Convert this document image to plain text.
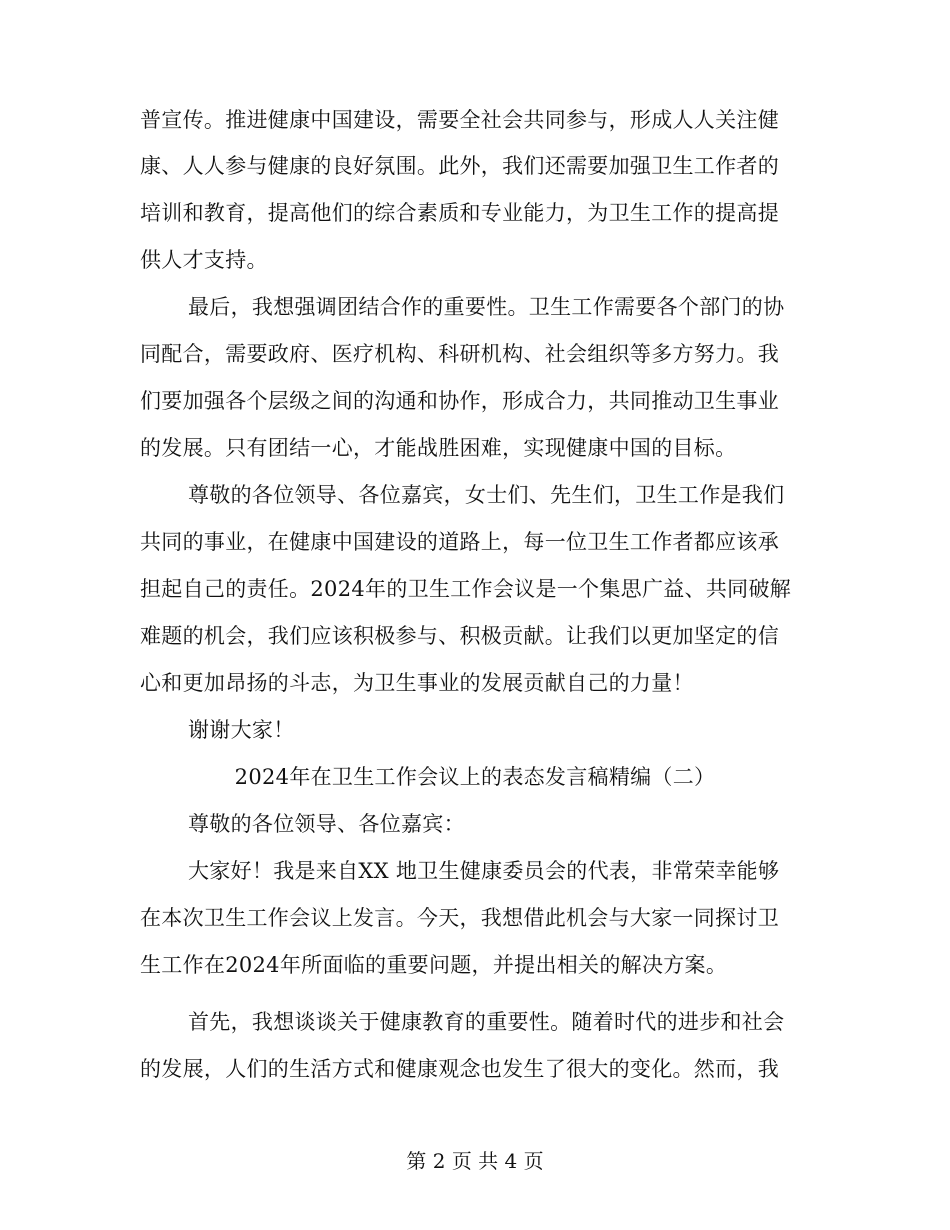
普宣传。推进健康中国建设，需要全社会共同参与，形成人人关注健
康、人人参与健康的良好氛围。此外，我们还需要加强卫生工作者的
培训和教育，提高他们的综合素质和专业能力，为卫生工作的提高提
供人才支持。
最后，我想强调团结合作的重要性。卫生工作需要各个部门的协
同配合，需要政府、医疗机构、科研机构、社会组织等多方努力。我
们要加强各个层级之间的沟通和协作，形成合力，共同推动卫生事业
的发展。只有团结一心，才能战胜困难，实现健康中国的目标。
尊敬的各位领导、各位嘉宾，女士们、先生们，卫生工作是我们
共同的事业，在健康中国建设的道路上，每一位卫生工作者都应该承
担起自己的责任。2024年的卫生工作会议是一个集思广益、共同破解
难题的机会，我们应该积极参与、积极贡献。让我们以更加坚定的信
心和更加昂扬的斗志，为卫生事业的发展贡献自己的力量！
谢谢大家！
2024年在卫生工作会议上的表态发言稿精编（二）
尊敬的各位领导、各位嘉宾：
大家好！我是来自XX 地卫生健康委员会的代表，非常荣幸能够
在本次卫生工作会议上发言。今天，我想借此机会与大家一同探讨卫
生工作在2024年所面临的重要问题，并提出相关的解决方案。
首先，我想谈谈关于健康教育的重要性。随着时代的进步和社会
的发展，人们的生活方式和健康观念也发生了很大的变化。然而，我
第 2 页 共 4 页
